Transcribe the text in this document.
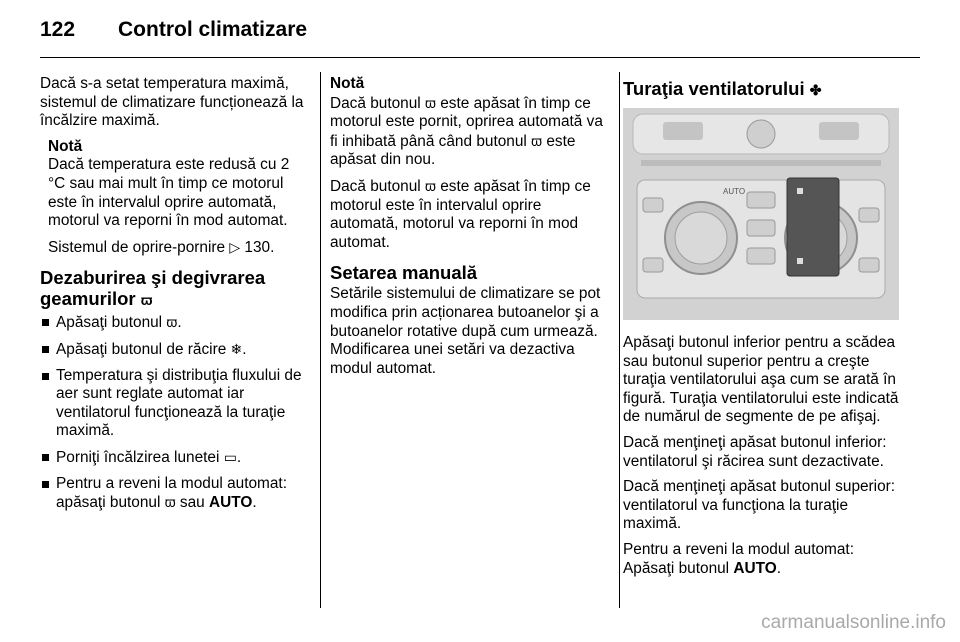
122 Control climatizare

Dacă s-a setat temperatura maximă, sistemul de climatizare funcționează la încălzire maximă.

Notă

Dacă temperatura este redusă cu 2 °C sau mai mult în timp ce motorul este în intervalul oprire automată, motorul va reporni în mod automat.

Sistemul de oprire-pornire ▷ 130.

Dezaburirea şi degivrarea geamurilor ϖ
Apăsaţi butonul ϖ.
Apăsaţi butonul de răcire ❄.
Temperatura şi distribuţia fluxului de aer sunt reglate automat iar ventilatorul funcţionează la turaţie maximă.
Porniţi încălzirea lunetei ▭.
Pentru a reveni la modul automat: apăsaţi butonul ϖ sau AUTO.
Notă

Dacă butonul ϖ este apăsat în timp ce motorul este pornit, oprirea automată va fi inhibată până când butonul ϖ este apăsat din nou.

Dacă butonul ϖ este apăsat în timp ce motorul este în intervalul oprire automată, motorul va reporni în mod automat.

Setarea manuală

Setările sistemului de climatizare se pot modifica prin acționarea butoanelor şi a butoanelor rotative după cum urmează. Modificarea unei setări va dezactiva modul automat.

Turaţia ventilatorului ✤
AUTO

Apăsaţi butonul inferior pentru a scădea sau butonul superior pentru a creşte turaţia ventilatorului aşa cum se arată în figură. Turaţia ventilatorului este indicată de numărul de segmente de pe afişaj.

Dacă menţineţi apăsat butonul inferior: ventilatorul şi răcirea sunt dezactivate.

Dacă menţineţi apăsat butonul superior: ventilatorul va funcţiona la turaţie maximă.

Pentru a reveni la modul automat: Apăsaţi butonul AUTO.

carmanualsonline.info
